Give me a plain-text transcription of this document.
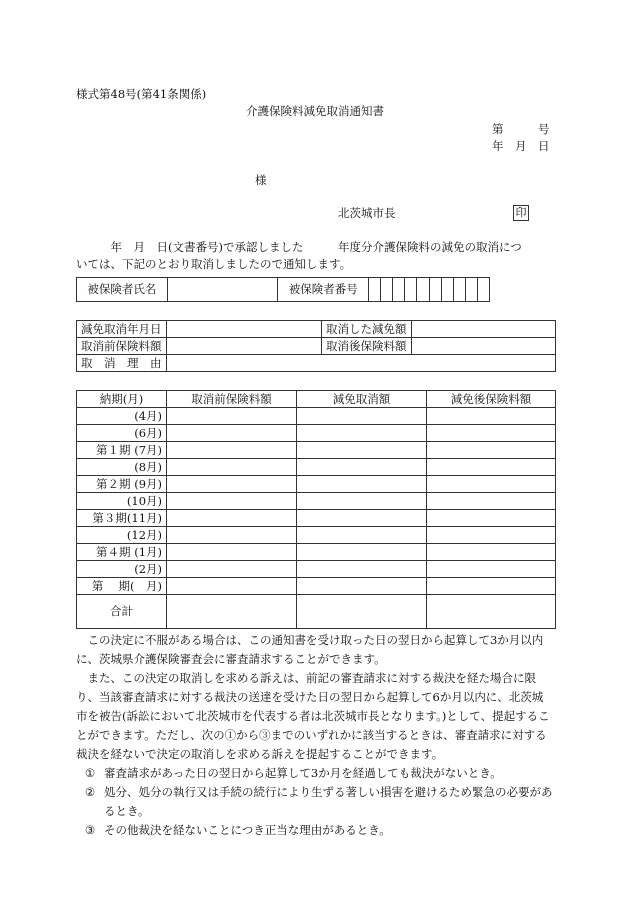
様式第48号(第41条関係)
介護保険料減免取消通知書
第　　　号
年　月　日
様
北茨城市長	印
　　　年　月　日(文書番号)で承認しました　　　年度分介護保険料の減免の取消につ
いては、下記のとおり取消しましたので通知します。
被保険者氏名		被保険者番号										
減免取消年月日		取消した減免額	
取消前保険料額		取消後保険料額	
取　消　理　由			
納期(月)	取消前保険料額	減免取消額	減免後保険料額
(4月)			
(6月)			
第１期 (7月)			
(8月)			
第２期 (9月)			
(10月)			
第３期(11月)			
(12月)			
第４期 (1月)			
(2月)			
第　 期(　月)			
合計			

この決定に不服がある場合は、この通知書を受け取った日の翌日から起算して3か月以内に、茨城県介護保険審査会に審査請求することができます。

また、この決定の取消しを求める訴えは、前記の審査請求に対する裁決を経た場合に限り、当該審査請求に対する裁決の送達を受けた日の翌日から起算して6か月以内に、北茨城市を被告(訴訟において北茨城市を代表する者は北茨城市長となります。)として、提起することができます。ただし、次の①から③までのいずれかに該当するときは、審査請求に対する裁決を経ないで決定の取消しを求める訴えを提起することができます。

① 審査請求があった日の翌日から起算して3か月を経過しても裁決がないとき。
② 処分、処分の執行又は手続の続行により生ずる著しい損害を避けるため緊急の必要があるとき。
③ その他裁決を経ないことにつき正当な理由があるとき。
